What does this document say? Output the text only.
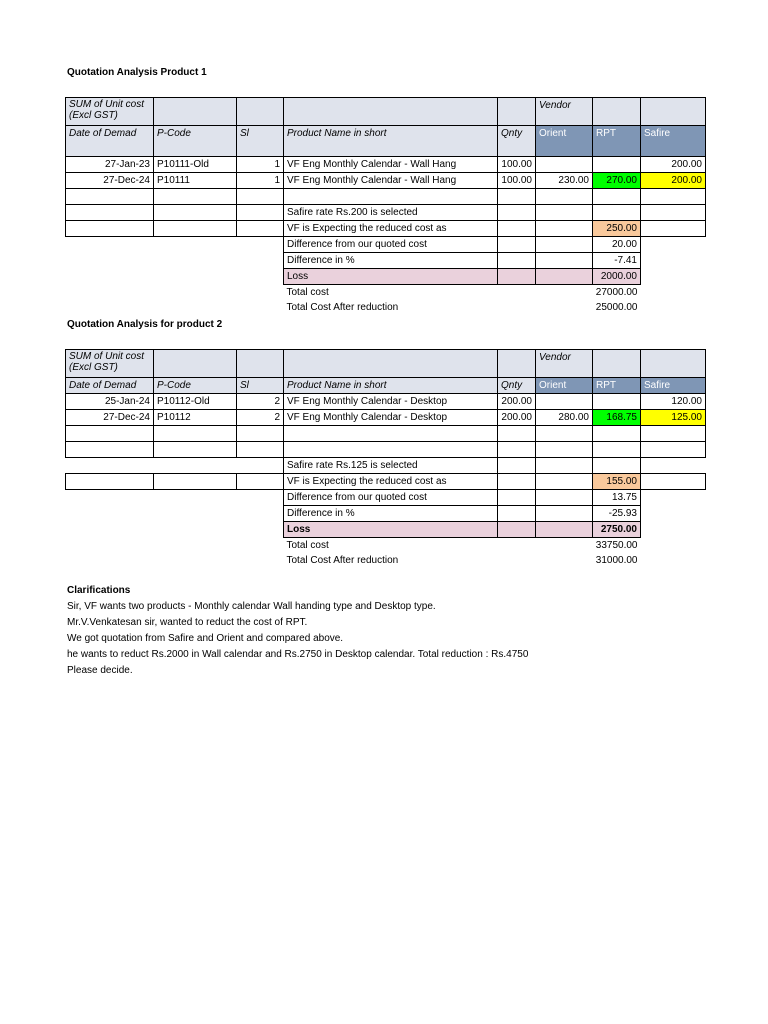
Quotation Analysis Product 1
SUM of Unit cost (Excl GST)					Vendor		
Date of Demad	P-Code	Sl	Product Name in short	Qnty	Orient	RPT	Safire
27-Jan-23	P10111-Old	1	VF Eng Monthly Calendar - Wall Hang	100.00			200.00
27-Dec-24	P10111	1	VF Eng Monthly Calendar - Wall Hang	100.00	230.00	270.00	200.00

			Safire rate Rs.200 is selected				
			VF is Expecting the reduced cost as			250.00	
			Difference from our quoted cost			20.00	
			Difference in %			-7.41	
			Loss			2000.00	
			Total cost			27000.00	
			Total Cost After reduction			25000.00	
Quotation Analysis for product 2
SUM of Unit cost (Excl GST)					Vendor		
Date of Demad	P-Code	Sl	Product Name in short	Qnty	Orient	RPT	Safire
25-Jan-24	P10112-Old	2	VF Eng Monthly Calendar - Desktop	200.00			120.00
27-Dec-24	P10112	2	VF Eng Monthly Calendar - Desktop	200.00	280.00	168.75	125.00

			Safire rate Rs.125 is selected				
			VF is Expecting the reduced cost as			155.00	
			Difference from our quoted cost			13.75	
			Difference in %			-25.93	
			Loss			2750.00	
			Total cost			33750.00	
			Total Cost After reduction			31000.00	
Clarifications
Sir, VF wants two products - Monthly calendar Wall handing type and Desktop type.
Mr.V.Venkatesan sir, wanted to reduct the cost of RPT.
We got quotation from Safire and Orient and compared above.
he wants to reduct Rs.2000 in Wall calendar and Rs.2750 in Desktop calendar. Total reduction : Rs.4750
Please decide.
